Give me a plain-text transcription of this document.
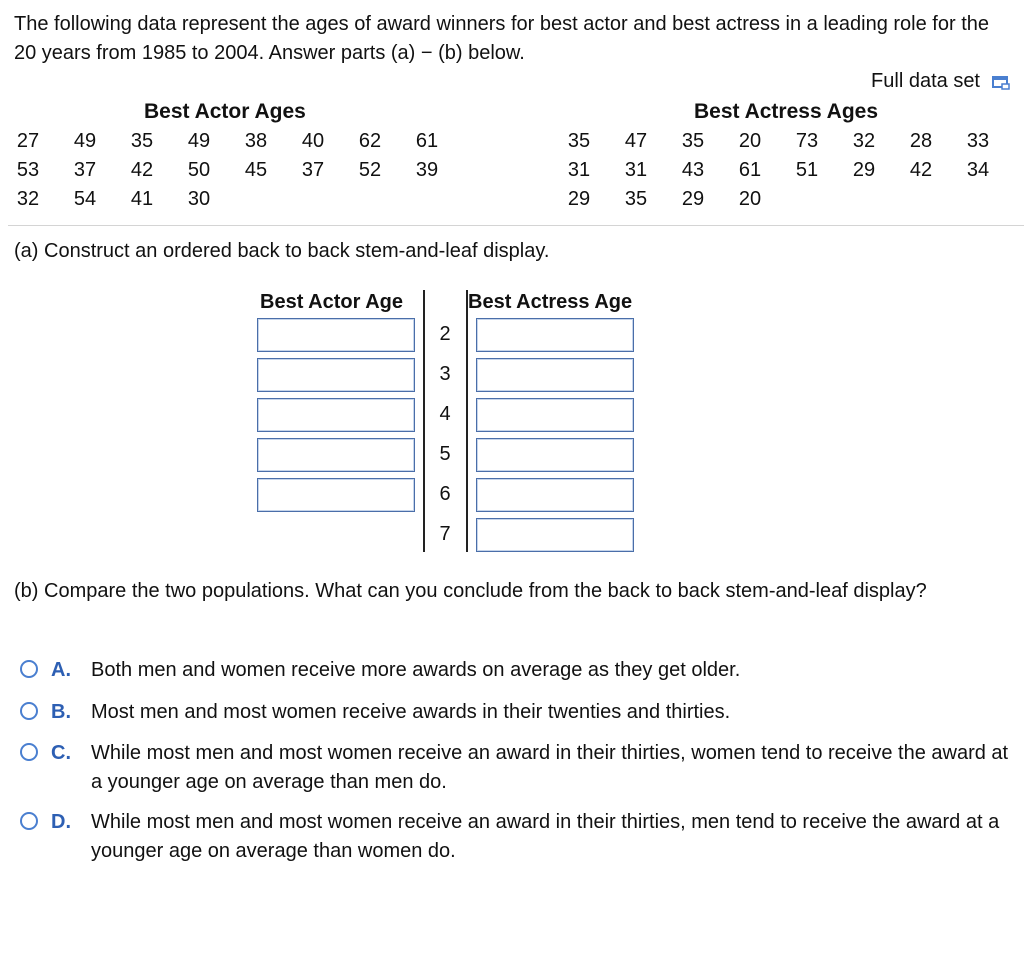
The following data represent the ages of award winners for best actor and best actress in a leading role for the 20 years from 1985 to 2004. Answer parts (a) − (b) below.
Full data set
Best Actor Ages	Best Actress Ages
27	49	35	49	38	40	62	61
53	37	42	50	45	37	52	39
32	54	41	30
35	47	35	20	73	32	28	33
31	31	43	61	51	29	42	34
29	35	29	20
(a) Construct an ordered back to back stem-and-leaf display.
Best Actor Age	Best Actress Age
2
3
4
5
6
7
(b) Compare the two populations. What can you conclude from the back to back stem-and-leaf display?
A.	Both men and women receive more awards on average as they get older.
B.	Most men and most women receive awards in their twenties and thirties.
C.	While most men and most women receive an award in their thirties, women tend to receive the award at a younger age on average than men do.
D.	While most men and most women receive an award in their thirties, men tend to receive the award at a younger age on average than women do.
